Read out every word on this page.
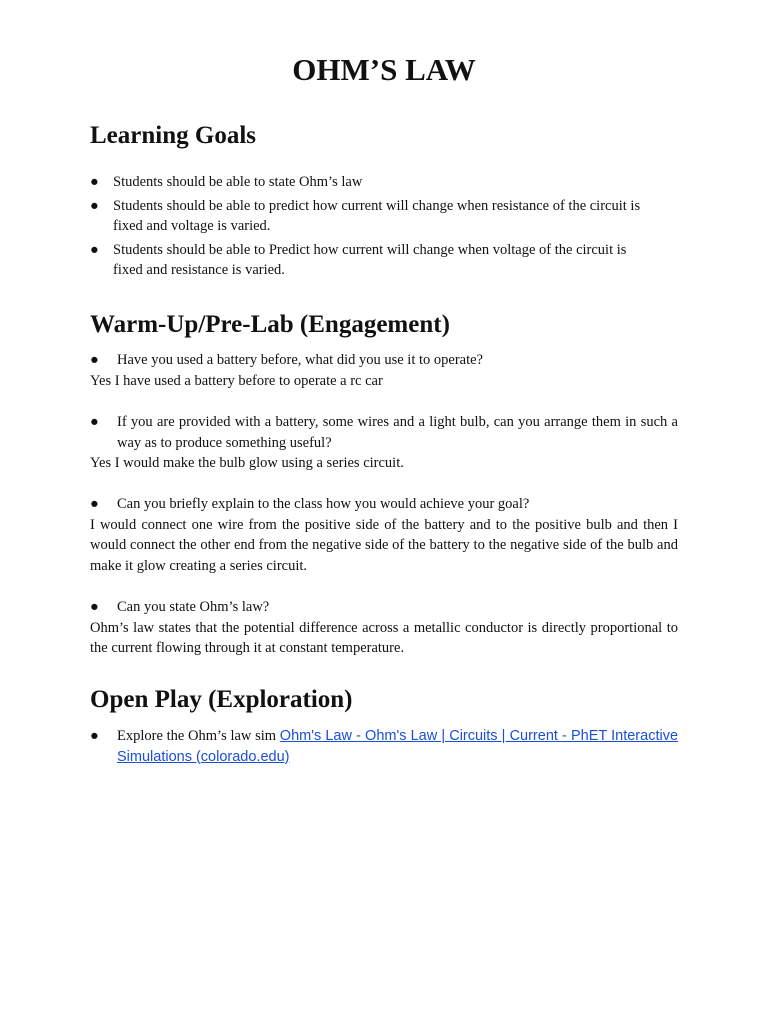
OHM’S LAW
Learning Goals
● Students should be able to state Ohm’s law
● Students should be able to predict how current will change when resistance of the circuit is fixed and voltage is varied.
● Students should be able to Predict how current will change when voltage of the circuit is fixed and resistance is varied.
Warm-Up/Pre-Lab (Engagement)
● Have you used a battery before, what did you use it to operate?
Yes I have used a battery before to operate a rc car
● If you are provided with a battery, some wires and a light bulb, can you arrange them in such a way as to produce something useful?
Yes I would make the bulb glow using a series circuit.
● Can you briefly explain to the class how you would achieve your goal?
I would connect one wire from the positive side of the battery and to the positive bulb and then I would connect the other end from the negative side of the battery to the negative side of the bulb and make it glow creating a series circuit.
● Can you state Ohm’s law?
Ohm’s law states that the potential difference across a metallic conductor is directly proportional to the current flowing through it at constant temperature.
Open Play (Exploration)
● Explore the Ohm’s law sim Ohm's Law - Ohm's Law | Circuits | Current - PhET Interactive Simulations (colorado.edu)
